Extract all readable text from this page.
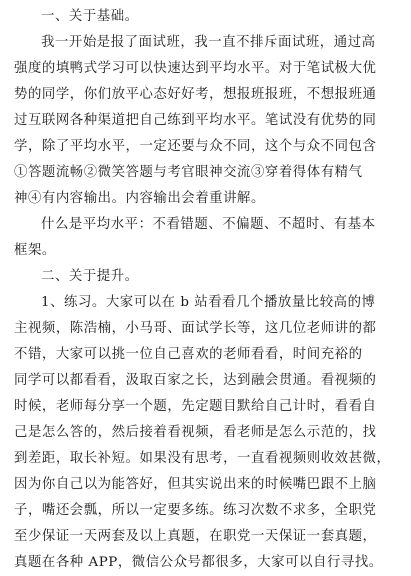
一、关于基础。
我一开始是报了面试班，我一直不排斥面试班，通过高
强度的填鸭式学习可以快速达到平均水平。对于笔试极大优
势的同学，你们放平心态好好考，想报班报班，不想报班通
过互联网各种渠道把自己练到平均水平。笔试没有优势的同
学，除了平均水平，一定还要与众不同，这个与众不同包含
①答题流畅②微笑答题与考官眼神交流③穿着得体有精气
神④有内容输出。内容输出会着重讲解。
什么是平均水平：不看错题、不偏题、不超时、有基本
框架。
二、关于提升。
1、练习。大家可以在 b 站看看几个播放量比较高的博
主视频，陈浩楠，小马哥、面试学长等，这几位老师讲的都
不错，大家可以挑一位自己喜欢的老师看看，时间充裕的
同学可以都看看，汲取百家之长，达到融会贯通。看视频的
时候，老师每分享一个题，先定题目默给自己计时，看看自
己是怎么答的，然后接着看视频，看老师是怎么示范的，找
到差距，取长补短。如果没有思考，一直看视频则收效甚微，
因为你自己以为能答好，但其实说出来的时候嘴巴跟不上脑
子，嘴还会瓢，所以一定要多练。练习次数不求多，全职党
至少保证一天两套及以上真题，在职党一天保证一套真题，
真题在各种 APP，微信公众号都很多，大家可以自行寻找。
